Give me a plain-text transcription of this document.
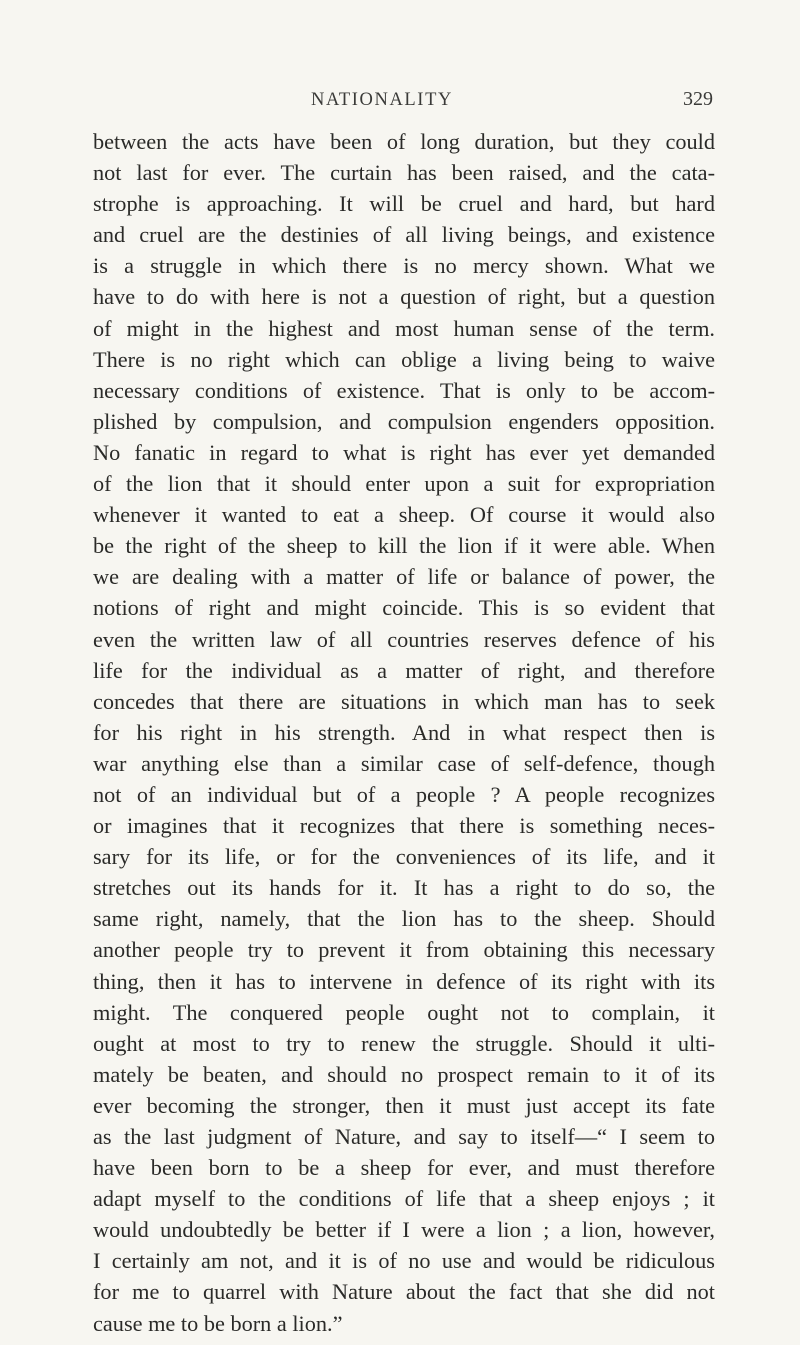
NATIONALITY	329
between the acts have been of long duration, but they could
not last for ever. The curtain has been raised, and the cata-
strophe is approaching. It will be cruel and hard, but hard
and cruel are the destinies of all living beings, and existence
is a struggle in which there is no mercy shown. What we
have to do with here is not a question of right, but a question
of might in the highest and most human sense of the term.
There is no right which can oblige a living being to waive
necessary conditions of existence. That is only to be accom-
plished by compulsion, and compulsion engenders opposition.
No fanatic in regard to what is right has ever yet demanded
of the lion that it should enter upon a suit for expropriation
whenever it wanted to eat a sheep. Of course it would also
be the right of the sheep to kill the lion if it were able. When
we are dealing with a matter of life or balance of power, the
notions of right and might coincide. This is so evident that
even the written law of all countries reserves defence of his
life for the individual as a matter of right, and therefore
concedes that there are situations in which man has to seek
for his right in his strength. And in what respect then is
war anything else than a similar case of self-defence, though
not of an individual but of a people ? A people recognizes
or imagines that it recognizes that there is something neces-
sary for its life, or for the conveniences of its life, and it
stretches out its hands for it. It has a right to do so, the
same right, namely, that the lion has to the sheep. Should
another people try to prevent it from obtaining this necessary
thing, then it has to intervene in defence of its right with its
might. The conquered people ought not to complain, it
ought at most to try to renew the struggle. Should it ulti-
mately be beaten, and should no prospect remain to it of its
ever becoming the stronger, then it must just accept its fate
as the last judgment of Nature, and say to itself—“ I seem to
have been born to be a sheep for ever, and must therefore
adapt myself to the conditions of life that a sheep enjoys ; it
would undoubtedly be better if I were a lion ; a lion, however,
I certainly am not, and it is of no use and would be ridiculous
for me to quarrel with Nature about the fact that she did not
cause me to be born a lion.”
